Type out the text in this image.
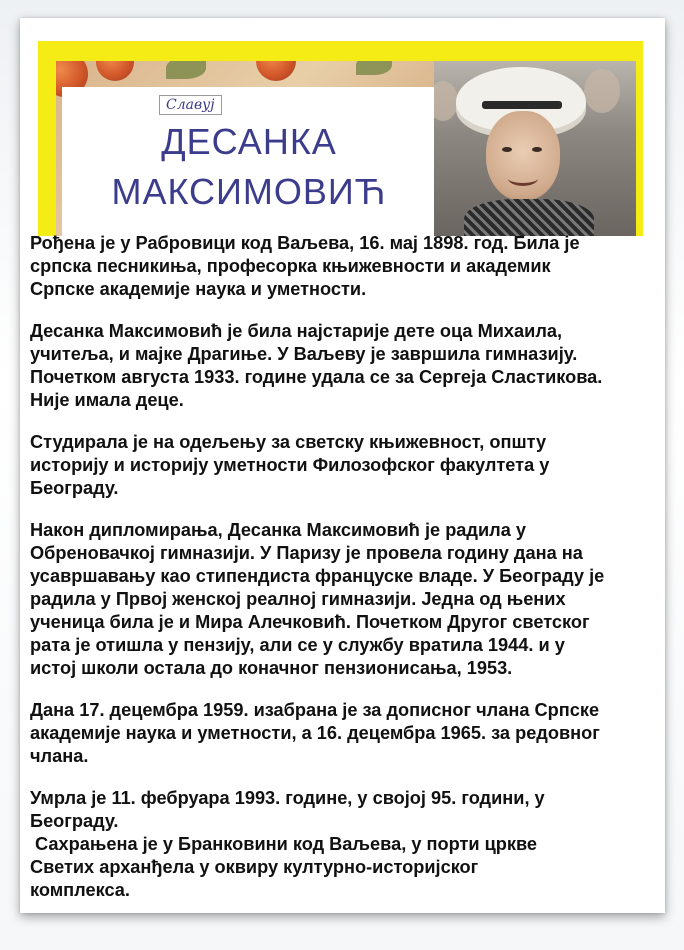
Славуј
ДЕСАНКА
МАКСИМОВИЋ

Рођена је у Рабровици код Ваљева, 16. мај 1898. год. Била је
српска песникиња, професорка књижевности и академик
Српске академије наука и уметности.

Десанка Максимовић је била најстарије дете оца Михаила,
учитеља, и мајке Драгиње. У Ваљеву је завршила гимназију.
Почетком августа 1933. године удала се за Сергеја Сластикова.
Није имала деце.

Студирала је на одељењу за светску књижевност, општу
историју и историју уметности Филозофског факултета у
Београду.

Након дипломирања, Десанка Максимовић је радила у
Обреновачкој гимназији. У Паризу је провела годину дана на
усавршавању као стипендиста француске владе. У Београду је
радила у Првој женској реалној гимназији. Једна од њених
ученица била је и Мира Алечковић. Почетком Другог светског
рата је отишла у пензију, али се у службу вратила 1944. и у
истој школи остала до коначног пензионисања, 1953.

Дана 17. децембра 1959. изабрана је за дописног члана Српске
академије наука и уметности, а 16. децембра 1965. за редовног
члана.

Умрла је 11. фебруара 1993. године, у својој 95. години, у
Београду.
Сахрањена је у Бранковини код Ваљева, у порти цркве
Светих арханђела у оквиру културно-историјског
комплекса.
